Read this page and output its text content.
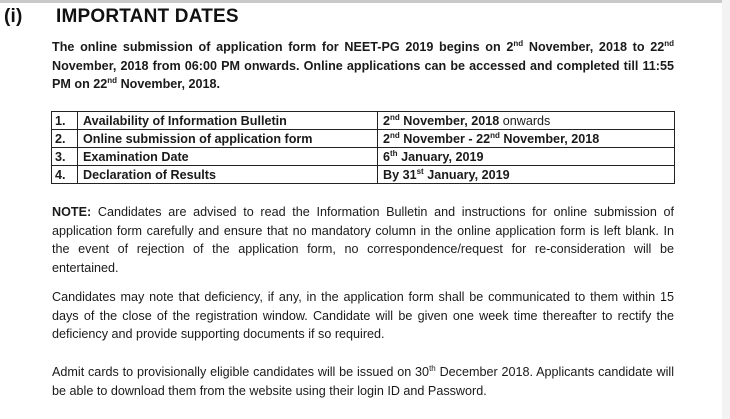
(i) IMPORTANT DATES
The online submission of application form for NEET-PG 2019 begins on 2nd November, 2018 to 22nd November, 2018 from 06:00 PM onwards. Online applications can be accessed and completed till 11:55 PM on 22nd November, 2018.
1.	Availability of Information Bulletin	2nd November, 2018 onwards
2.	Online submission of application form	2nd November - 22nd November, 2018
3.	Examination Date	6th January, 2019
4.	Declaration of Results	By 31st January, 2019
NOTE: Candidates are advised to read the Information Bulletin and instructions for online submission of application form carefully and ensure that no mandatory column in the online application form is left blank. In the event of rejection of the application form, no correspondence/request for re-consideration will be entertained.
Candidates may note that deficiency, if any, in the application form shall be communicated to them within 15 days of the close of the registration window. Candidate will be given one week time thereafter to rectify the deficiency and provide supporting documents if so required.
Admit cards to provisionally eligible candidates will be issued on 30th December 2018. Applicants candidate will be able to download them from the website using their login ID and Password.
